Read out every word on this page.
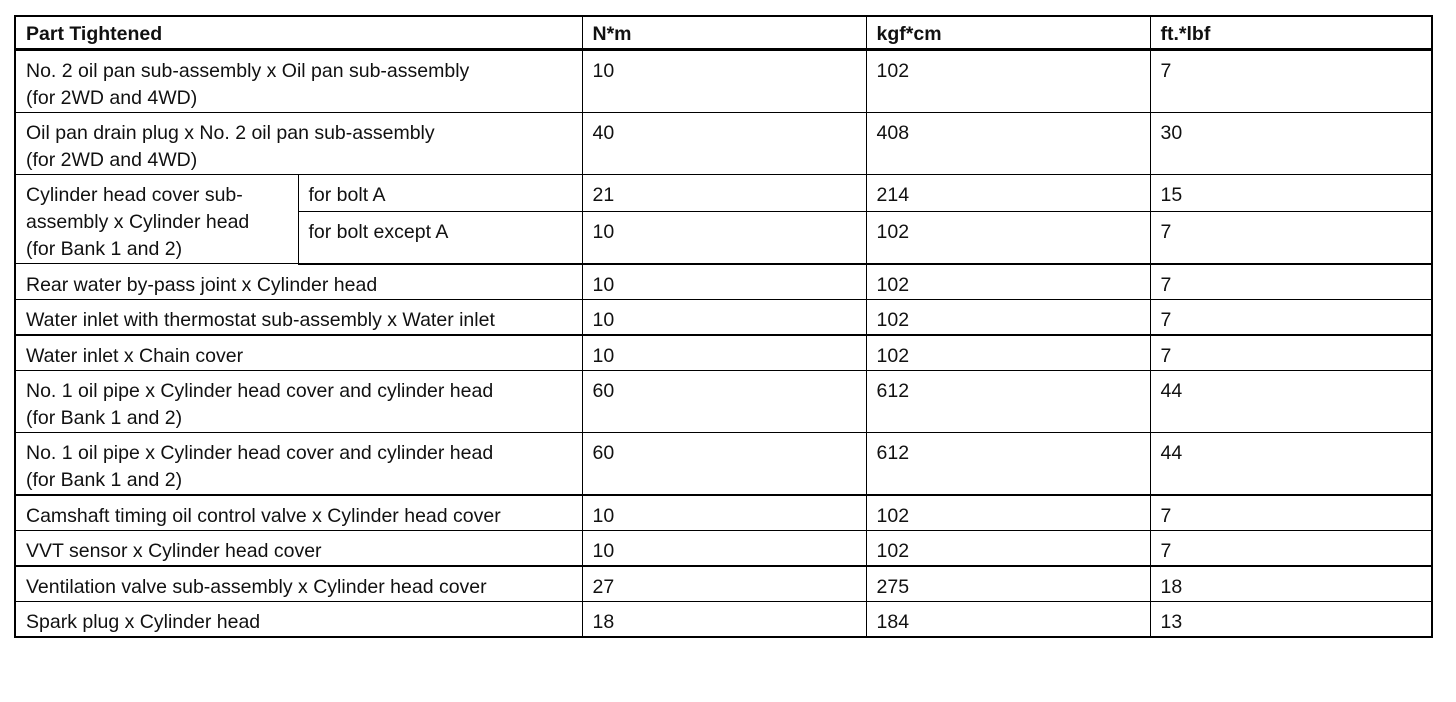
Part Tightened		N*m	kgf*cm	ft.*lbf

No. 2 oil pan sub-assembly x Oil pan sub-assembly
(for 2WD and 4WD)		10	102	7

Oil pan drain plug x No. 2 oil pan sub-assembly
(for 2WD and 4WD)		40	408	30

Cylinder head cover sub-
assembly x Cylinder head
(for Bank 1 and 2)	for bolt A	21	214	15
	for bolt except A	10	102	7
Rear water by-pass joint x Cylinder head		10	102	7
Water inlet with thermostat sub-assembly x Water inlet		10	102	7
Water inlet x Chain cover		10	102	7

No. 1 oil pipe x Cylinder head cover and cylinder head
(for Bank 1 and 2)		60	612	44

No. 1 oil pipe x Cylinder head cover and cylinder head
(for Bank 1 and 2)		60	612	44
Camshaft timing oil control valve x Cylinder head cover		10	102	7
VVT sensor x Cylinder head cover		10	102	7
Ventilation valve sub-assembly x Cylinder head cover		27	275	18
Spark plug x Cylinder head		18	184	13
